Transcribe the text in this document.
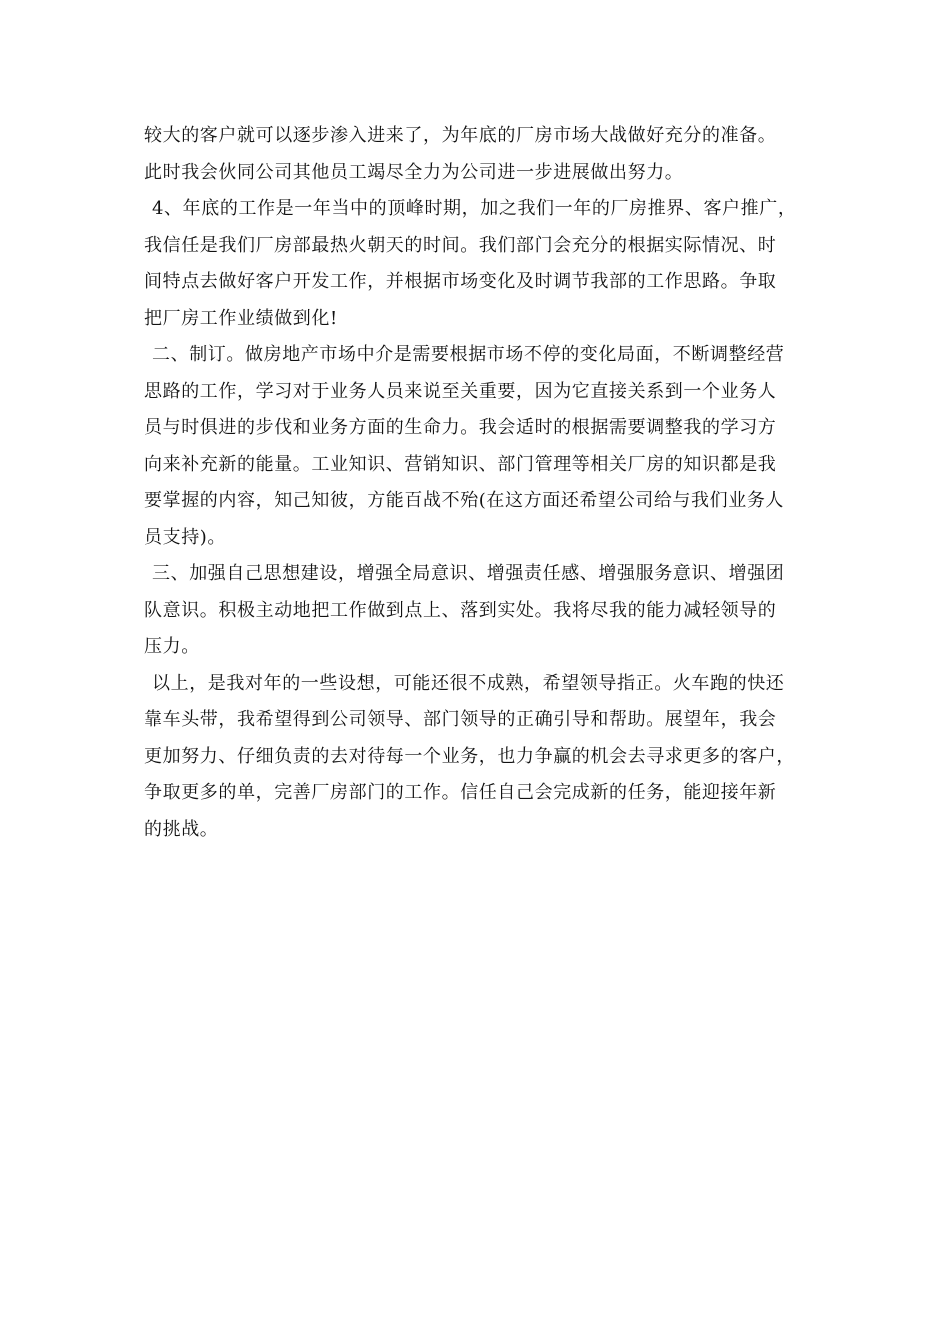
较大的客户就可以逐步渗入进来了，为年底的厂房市场大战做好充分的准备。
此时我会伙同公司其他员工竭尽全力为公司进一步进展做出努力。
4、年底的工作是一年当中的顶峰时期，加之我们一年的厂房推界、客户推广，
我信任是我们厂房部最热火朝天的时间。我们部门会充分的根据实际情况、时
间特点去做好客户开发工作，并根据市场变化及时调节我部的工作思路。争取
把厂房工作业绩做到化!
二、制订。做房地产市场中介是需要根据市场不停的变化局面，不断调整经营
思路的工作，学习对于业务人员来说至关重要，因为它直接关系到一个业务人
员与时俱进的步伐和业务方面的生命力。我会适时的根据需要调整我的学习方
向来补充新的能量。工业知识、营销知识、部门管理等相关厂房的知识都是我
要掌握的内容，知己知彼，方能百战不殆(在这方面还希望公司给与我们业务人
员支持)。
三、加强自己思想建设，增强全局意识、增强责任感、增强服务意识、增强团
队意识。积极主动地把工作做到点上、落到实处。我将尽我的能力减轻领导的
压力。
以上，是我对年的一些设想，可能还很不成熟，希望领导指正。火车跑的快还
靠车头带，我希望得到公司领导、部门领导的正确引导和帮助。展望年，我会
更加努力、仔细负责的去对待每一个业务，也力争赢的机会去寻求更多的客户，
争取更多的单，完善厂房部门的工作。信任自己会完成新的任务，能迎接年新
的挑战。
